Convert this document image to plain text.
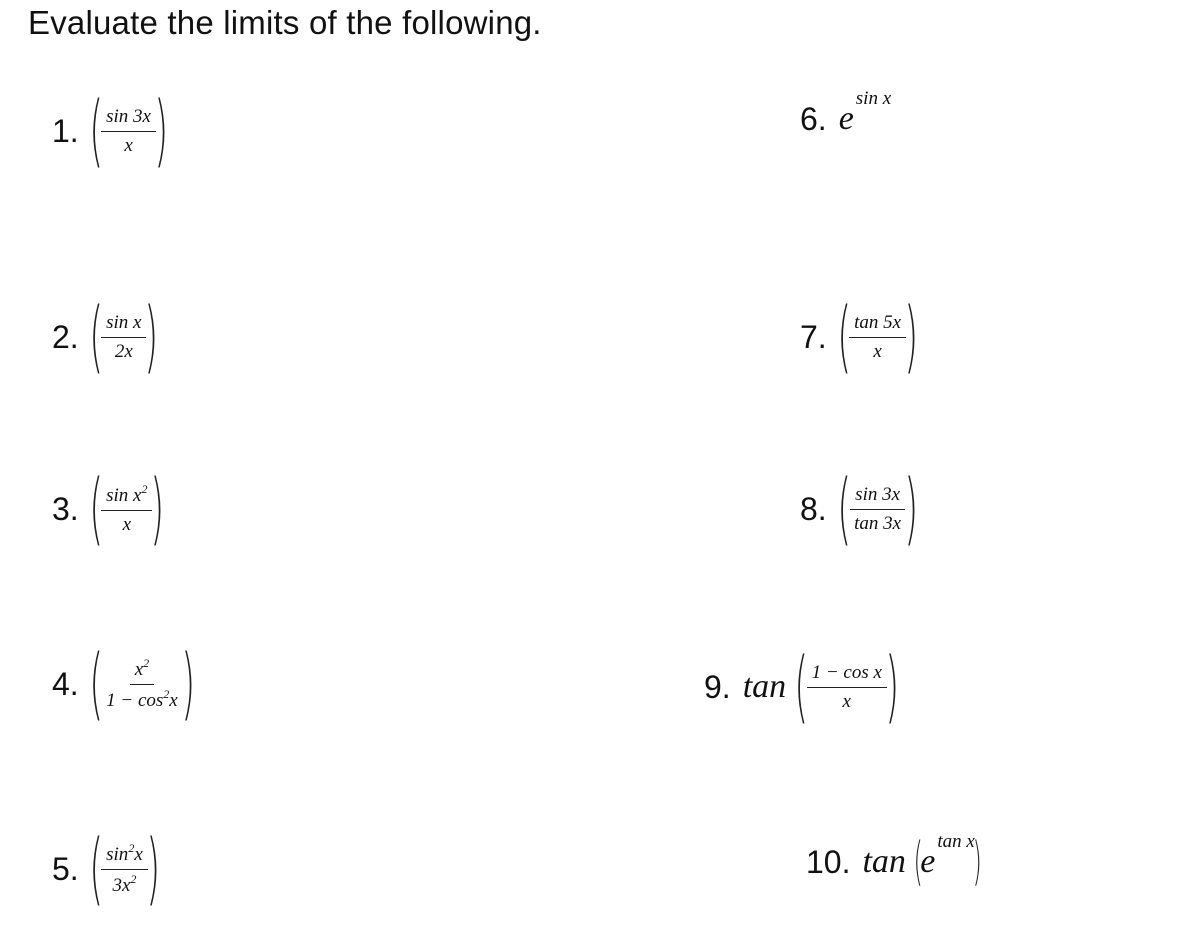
Evaluate the limits of the following.
1. (
$\frac{\sin 3x}{x}$
)
2. (
$\frac{\text{sin x}}{2x}$
)
3. (
$\frac{\sin x^2}{x}$
)
4. (
$\frac{x^2}{1 - \cos^2x}$
)
5. (
$\frac{\sin^2x}{3x^2}$
)
6. e
sin x
7. (
$\frac{\tan 5x}{x}$
)
8. (
$\frac{\sin 3x}{\tan 3x}$
)
9. tan (
$\frac{\text{1 − cos x}}{x}$
)
10. tan (
e
tan x
)
